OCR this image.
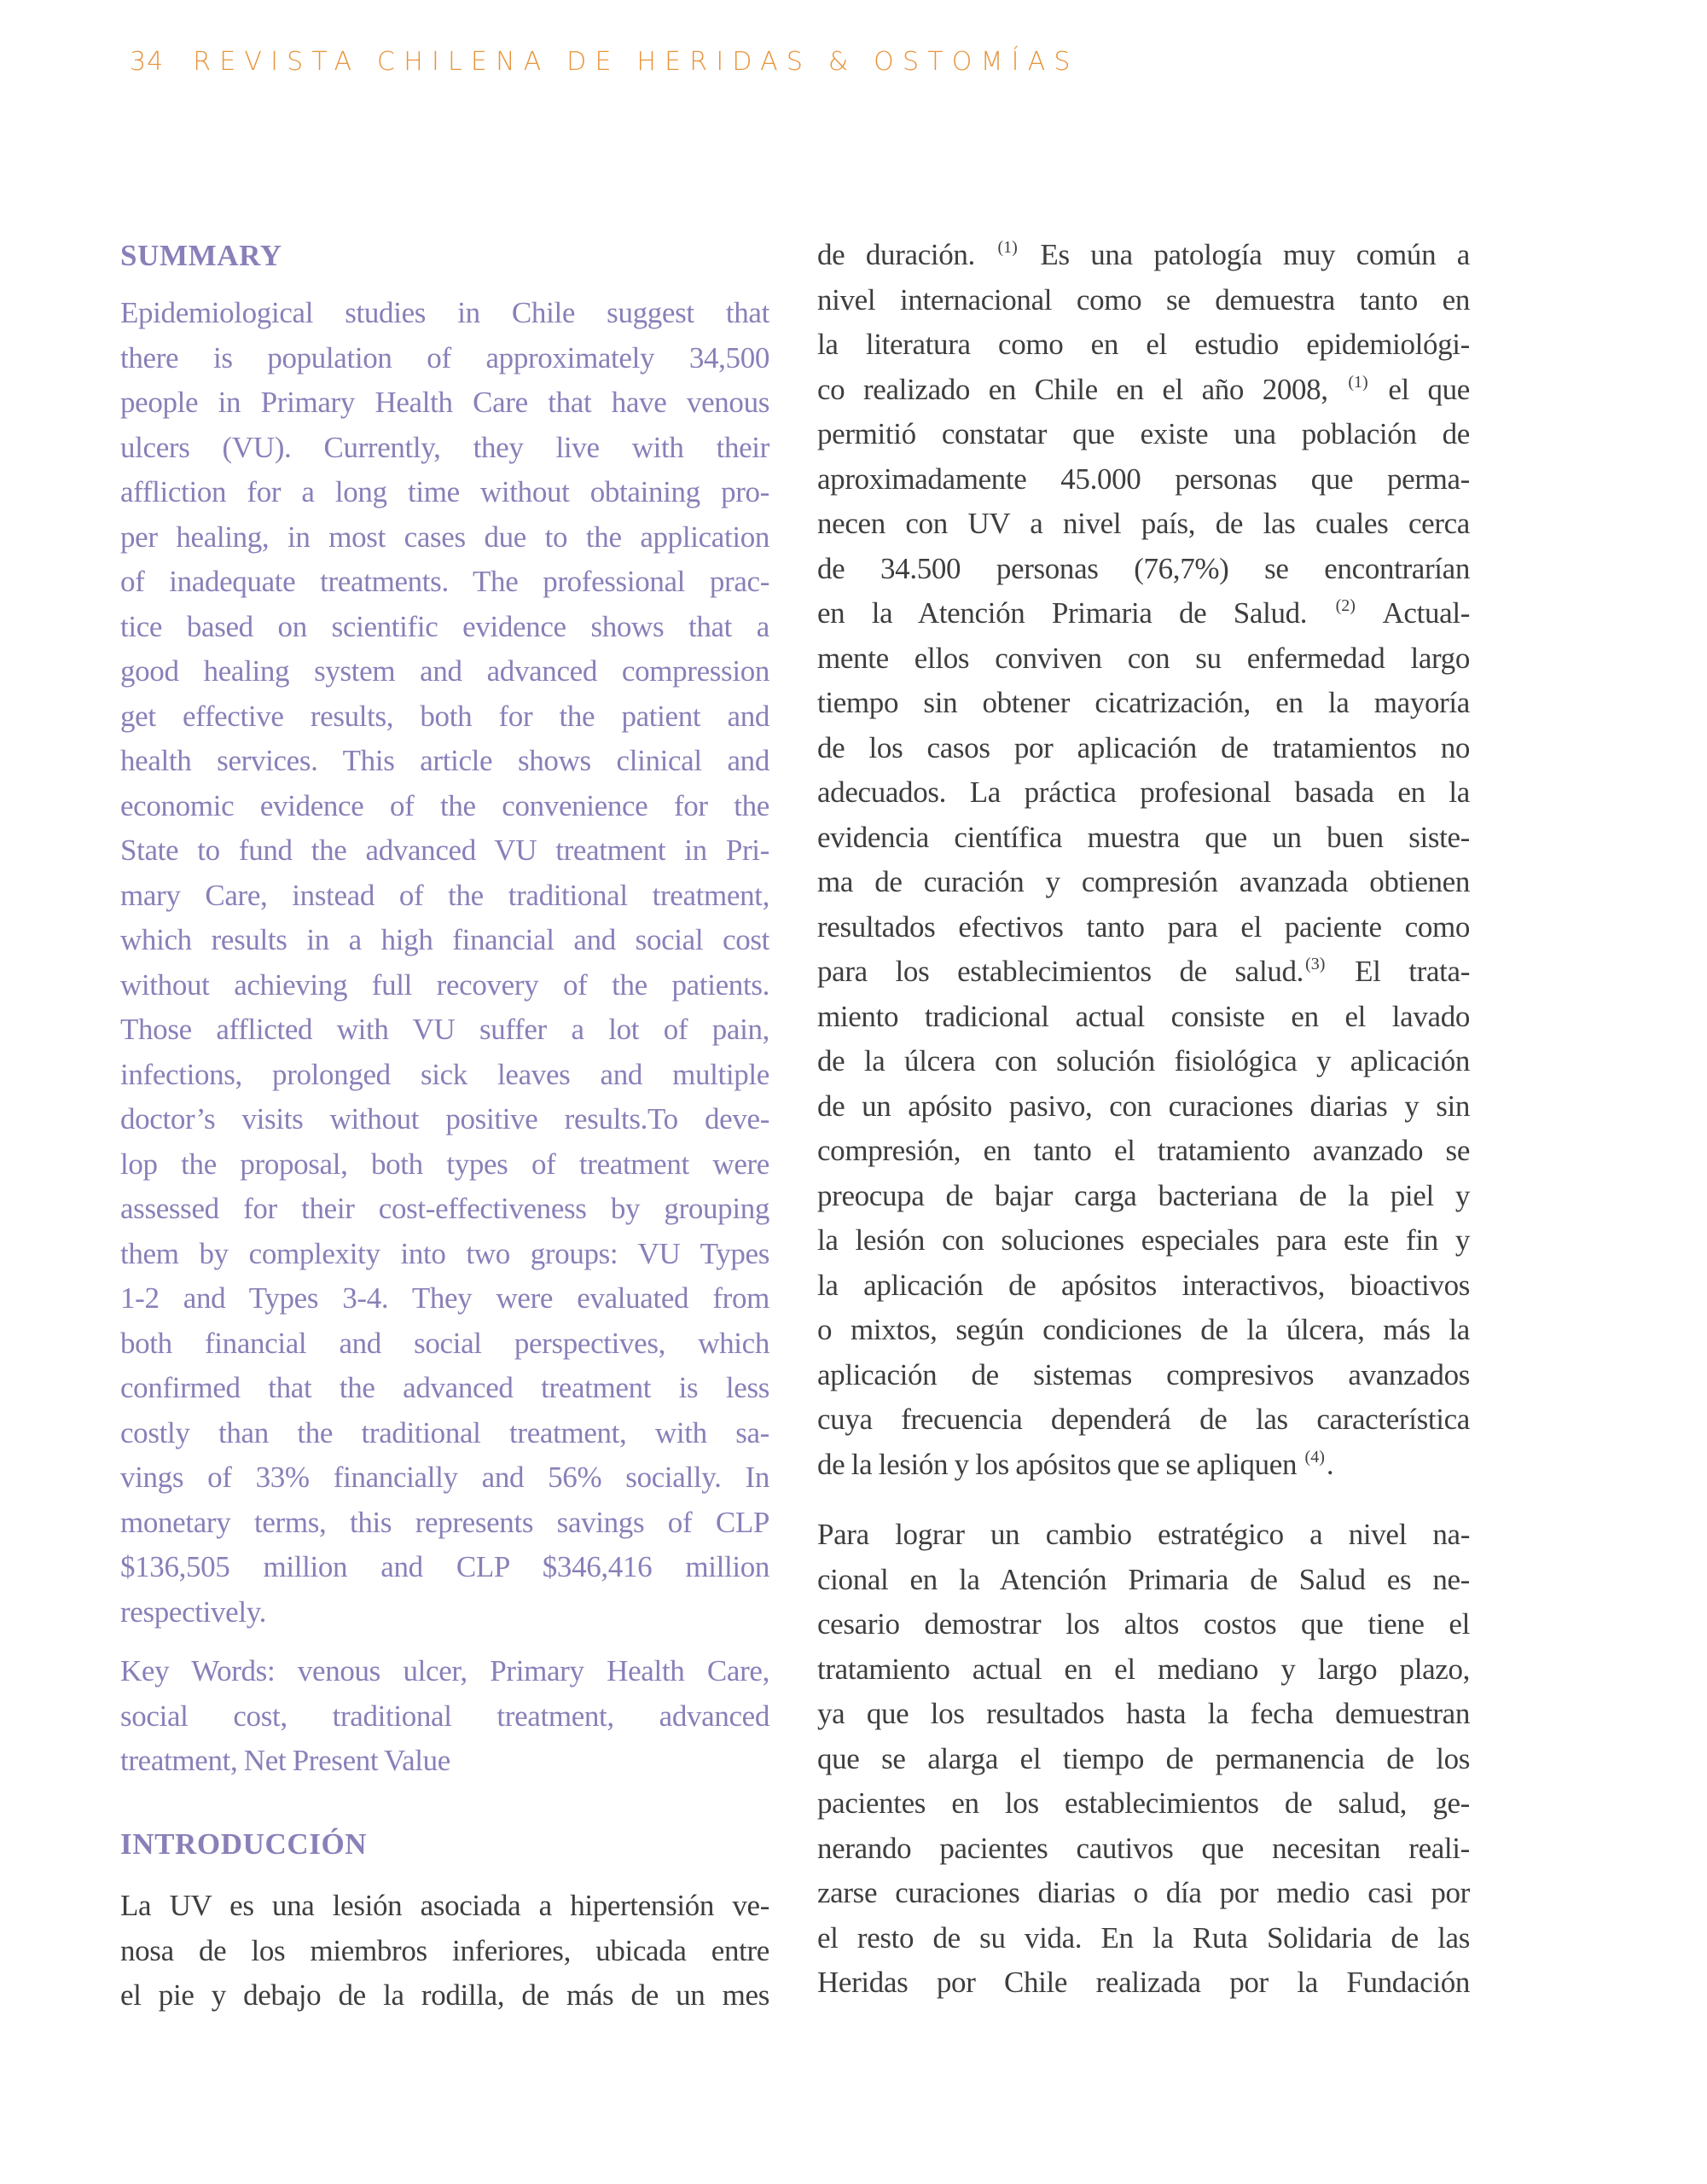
34 REVISTA CHILENA DE HERIDAS & OSTOMÍAS
SUMMARY
Epidemiological studies in Chile suggest that
there is population of approximately 34,500
people in Primary Health Care that have venous
ulcers (VU). Currently, they live with their
affliction for a long time without obtaining pro-
per healing, in most cases due to the application
of inadequate treatments. The professional prac-
tice based on scientific evidence shows that a
good healing system and advanced compression
get effective results, both for the patient and
health services. This article shows clinical and
economic evidence of the convenience for the
State to fund the advanced VU treatment in Pri-
mary Care, instead of the traditional treatment,
which results in a high financial and social cost
without achieving full recovery of the patients.
Those afflicted with VU suffer a lot of pain,
infections, prolonged sick leaves and multiple
doctor’s visits without positive results.To deve-
lop the proposal, both types of treatment were
assessed for their cost-effectiveness by grouping
them by complexity into two groups: VU Types
1-2 and Types 3-4. They were evaluated from
both financial and social perspectives, which
confirmed that the advanced treatment is less
costly than the traditional treatment, with sa-
vings of 33% financially and 56% socially. In
monetary terms, this represents savings of CLP
$136,505 million and CLP $346,416 million
respectively.
Key Words: venous ulcer, Primary Health Care,
social cost, traditional treatment, advanced
treatment, Net Present Value
INTRODUCCIÓN
La UV es una lesión asociada a hipertensión ve-
nosa de los miembros inferiores, ubicada entre
el pie y debajo de la rodilla, de más de un mes
de duración. $^{(1)}$ Es una patología muy común a
nivel internacional como se demuestra tanto en
la literatura como en el estudio epidemiológi-
co realizado en Chile en el año 2008, $^{(1)}$ el que
permitió constatar que existe una población de
aproximadamente 45.000 personas que perma-
necen con UV a nivel país, de las cuales cerca
de 34.500 personas (76,7%) se encontrarían
en la Atención Primaria de Salud. $^{(2)}$ Actual-
mente ellos conviven con su enfermedad largo
tiempo sin obtener cicatrización, en la mayoría
de los casos por aplicación de tratamientos no
adecuados. La práctica profesional basada en la
evidencia científica muestra que un buen siste-
ma de curación y compresión avanzada obtienen
resultados efectivos tanto para el paciente como
para los establecimientos de salud. $^{(3)}$ El trata-
miento tradicional actual consiste en el lavado
de la úlcera con solución fisiológica y aplicación
de un apósito pasivo, con curaciones diarias y sin
compresión, en tanto el tratamiento avanzado se
preocupa de bajar carga bacteriana de la piel y
la lesión con soluciones especiales para este fin y
la aplicación de apósitos interactivos, bioactivos
o mixtos, según condiciones de la úlcera, más la
aplicación de sistemas compresivos avanzados
cuya frecuencia dependerá de las característica
de la lesión y los apósitos que se apliquen $^{(4)}$.
Para lograr un cambio estratégico a nivel na-
cional en la Atención Primaria de Salud es ne-
cesario demostrar los altos costos que tiene el
tratamiento actual en el mediano y largo plazo,
ya que los resultados hasta la fecha demuestran
que se alarga el tiempo de permanencia de los
pacientes en los establecimientos de salud, ge-
nerando pacientes cautivos que necesitan reali-
zarse curaciones diarias o día por medio casi por
el resto de su vida. En la Ruta Solidaria de las
Heridas por Chile realizada por la Fundación
